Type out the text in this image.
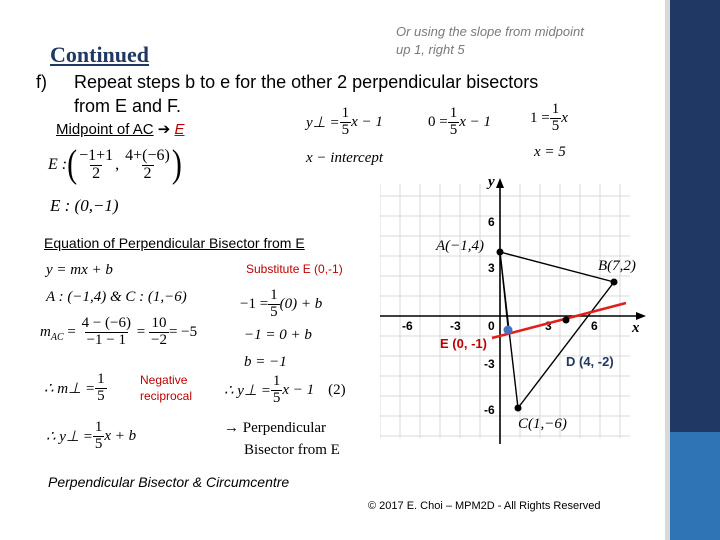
Continued
Or using the slope from midpoint
up 1, right 5
f) Repeat steps b to e for the other 2 perpendicular bisectors
from E and F.
Midpoint of AC ➔ E
E : ( $\frac{-1+1}{2}$ , $\frac{4+(-6)}{2}$ )
E : (0,−1)
y⊥ = $\frac{1}{5}$ x − 1	$0 = \frac{1}{5}$ x − 1	$1 = \frac{1}{5}$ x
x − intercept	x = 5
Equation of Perpendicular Bisector from E
y = mx + b
A : (−1,4) & C : (1,−6)
m AC = $\frac{4 - (-6)}{-1 - 1} = \frac{10}{-2} = -5$
∴ m⊥ = $\frac{1}{5}$	Negative
reciprocal
∴ y⊥ = $\frac{1}{5}$ x + b
Substitute E (0,-1)
$-1 = \frac{1}{5} (0) + b$
−1 = 0 + b
b = −1
∴ y⊥ = $\frac{1}{5}$ x − 1 (2)
→ Perpendicular
Bisector from E
x
y
-6	-3 0	3	6
6
3
-3
-6
A(−1,4)
B(7,2)
C(1,−6)
E (0, -1)
D (4, -2)
Perpendicular Bisector & Circumcentre
© 2017 E. Choi – MPM2D - All Rights Reserved
